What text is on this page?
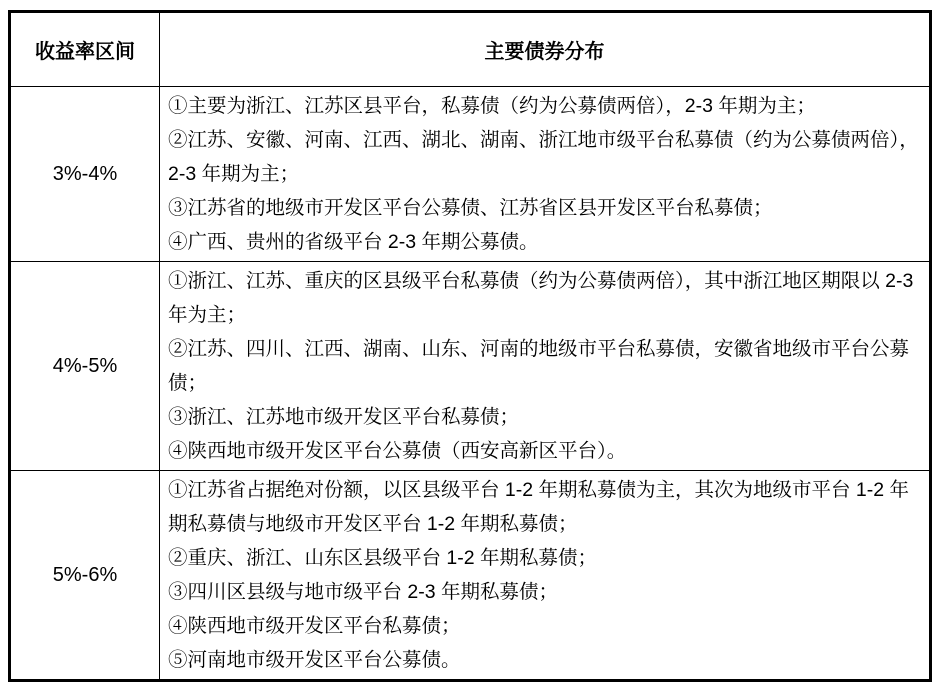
收益率区间	主要债券分布
3%-4%	①主要为浙江、江苏区县平台，私募债（约为公募债两倍），2-3 年期为主；

②江苏、安徽、河南、江西、湖北、湖南、浙江地市级平台私募债（约为公募债两倍），2-3 年期为主；

③江苏省的地级市开发区平台公募债、江苏省区县开发区平台私募债；

④广西、贵州的省级平台 2-3 年期公募债。

4%-5%	①浙江、江苏、重庆的区县级平台私募债（约为公募债两倍），其中浙江地区期限以 2-3 年为主；

②江苏、四川、江西、湖南、山东、河南的地级市平台私募债，安徽省地级市平台公募债；

③浙江、江苏地市级开发区平台私募债；

④陕西地市级开发区平台公募债（西安高新区平台）。

5%-6%	①江苏省占据绝对份额，以区县级平台 1-2 年期私募债为主，其次为地级市平台 1-2 年期私募债与地级市开发区平台 1-2 年期私募债；

②重庆、浙江、山东区县级平台 1-2 年期私募债；

③四川区县级与地市级平台 2-3 年期私募债；

④陕西地市级开发区平台私募债；

⑤河南地市级开发区平台公募债。
